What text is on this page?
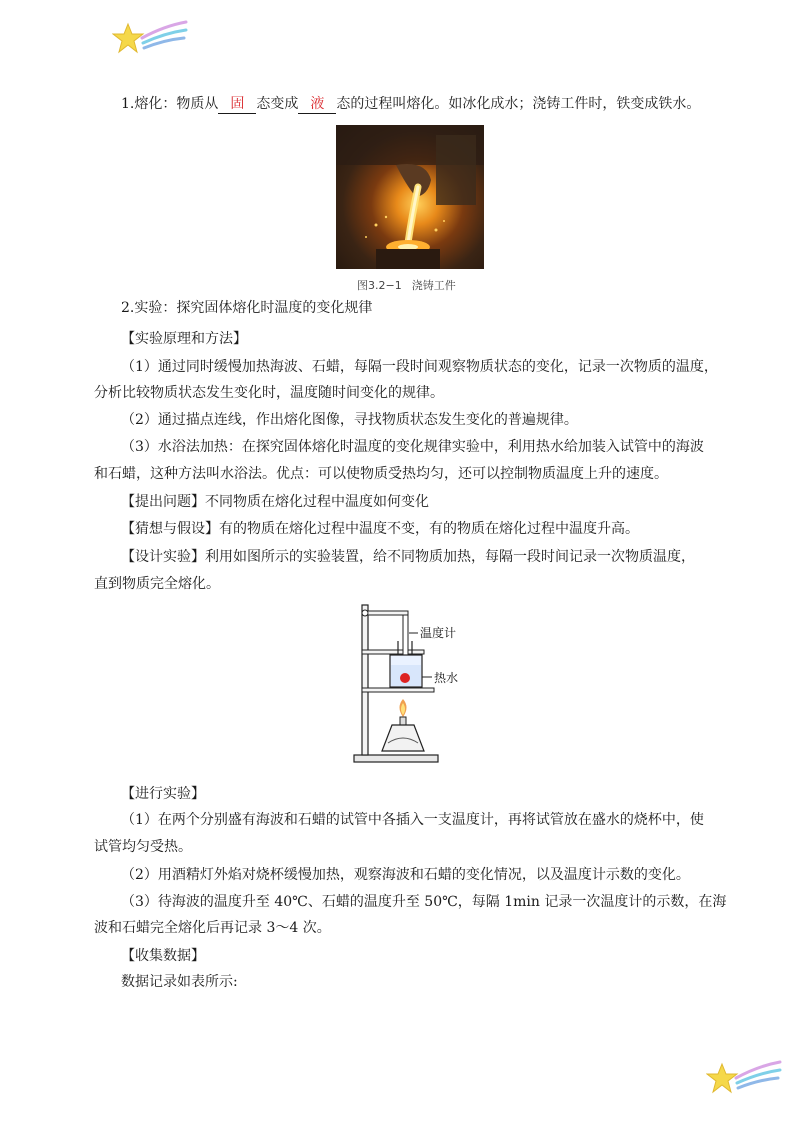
1.熔化：物质从 固 态变成 液 态的过程叫熔化。如冰化成水；浇铸工件时，铁变成铁水。
图3.2−1 浇铸工件
2.实验：探究固体熔化时温度的变化规律
【实验原理和方法】
（1）通过同时缓慢加热海波、石蜡，每隔一段时间观察物质状态的变化，记录一次物质的温度，
分析比较物质状态发生变化时，温度随时间变化的规律。
（2）通过描点连线，作出熔化图像，寻找物质状态发生变化的普遍规律。
（3）水浴法加热：在探究固体熔化时温度的变化规律实验中，利用热水给加装入试管中的海波
和石蜡，这种方法叫水浴法。优点：可以使物质受热均匀，还可以控制物质温度上升的速度。
【提出问题】不同物质在熔化过程中温度如何变化
【猜想与假设】有的物质在熔化过程中温度不变，有的物质在熔化过程中温度升高。
【设计实验】利用如图所示的实验装置，给不同物质加热，每隔一段时间记录一次物质温度，
直到物质完全熔化。
温度计
热水
【进行实验】
（1）在两个分别盛有海波和石蜡的试管中各插入一支温度计，再将试管放在盛水的烧杯中，使
试管均匀受热。
（2）用酒精灯外焰对烧杯缓慢加热，观察海波和石蜡的变化情况，以及温度计示数的变化。
（3）待海波的温度升至 40℃、石蜡的温度升至 50℃，每隔 1min 记录一次温度计的示数，在海
波和石蜡完全熔化后再记录 3～4 次。
【收集数据】
数据记录如表所示:
